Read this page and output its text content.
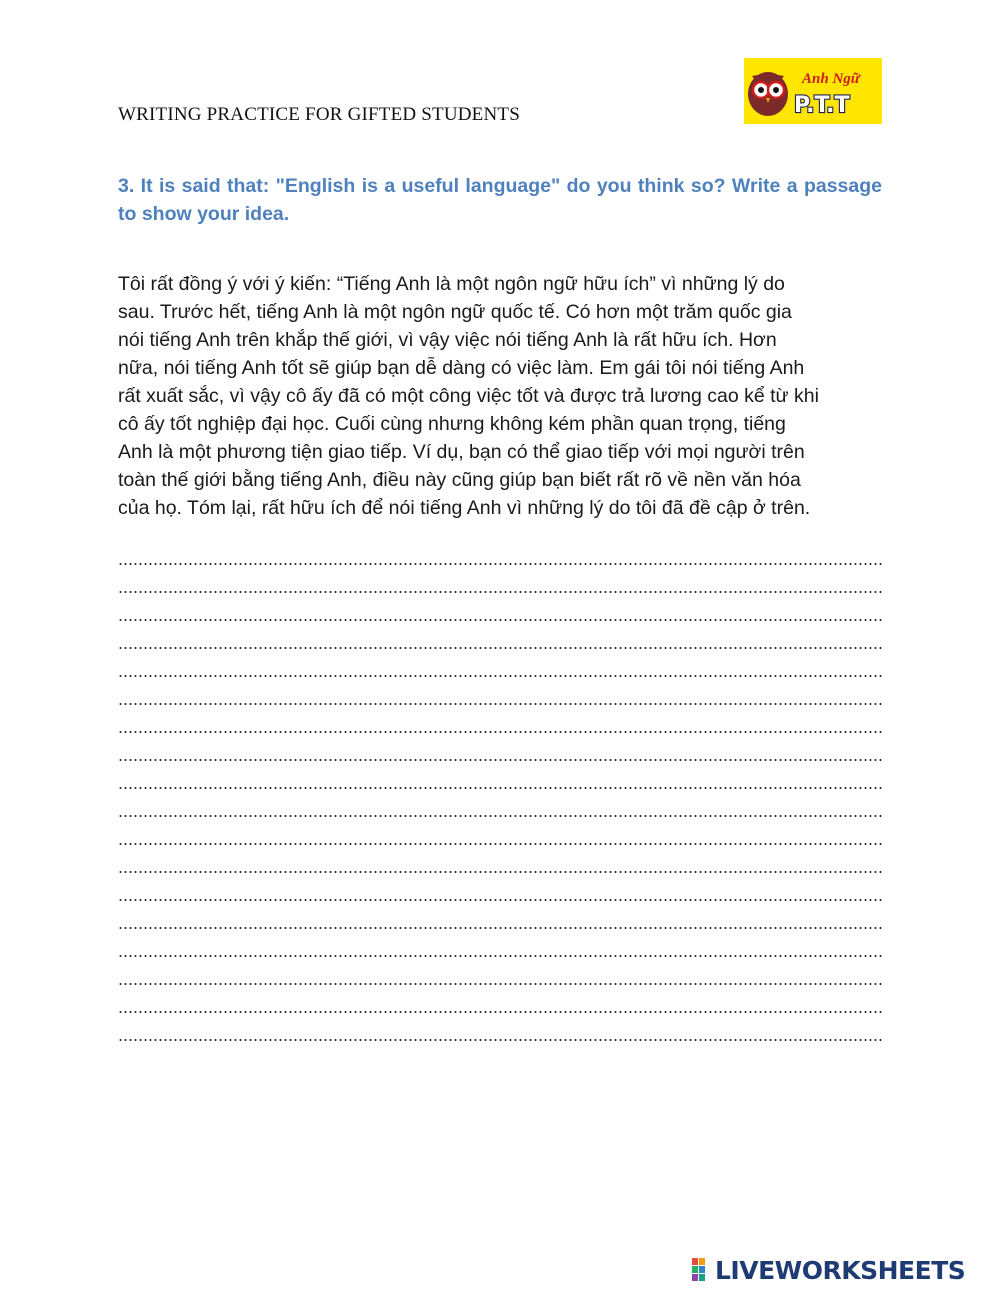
WRITING PRACTICE FOR GIFTED STUDENTS
Anh Ngữ
P.T.T
3. It is said that: "English is a useful language" do you think so? Write a passage to show your idea.
Tôi rất đồng ý với ý kiến: “Tiếng Anh là một ngôn ngữ hữu ích” vì những lý do
sau. Trước hết, tiếng Anh là một ngôn ngữ quốc tế. Có hơn một trăm quốc gia
nói tiếng Anh trên khắp thế giới, vì vậy việc nói tiếng Anh là rất hữu ích. Hơn
nữa, nói tiếng Anh tốt sẽ giúp bạn dễ dàng có việc làm. Em gái tôi nói tiếng Anh
rất xuất sắc, vì vậy cô ấy đã có một công việc tốt và được trả lương cao kể từ khi
cô ấy tốt nghiệp đại học. Cuối cùng nhưng không kém phần quan trọng, tiếng
Anh là một phương tiện giao tiếp. Ví dụ, bạn có thể giao tiếp với mọi người trên
toàn thế giới bằng tiếng Anh, điều này cũng giúp bạn biết rất rõ về nền văn hóa
của họ. Tóm lại, rất hữu ích để nói tiếng Anh vì những lý do tôi đã đề cập ở trên.
LIVEWORKSHEETS
